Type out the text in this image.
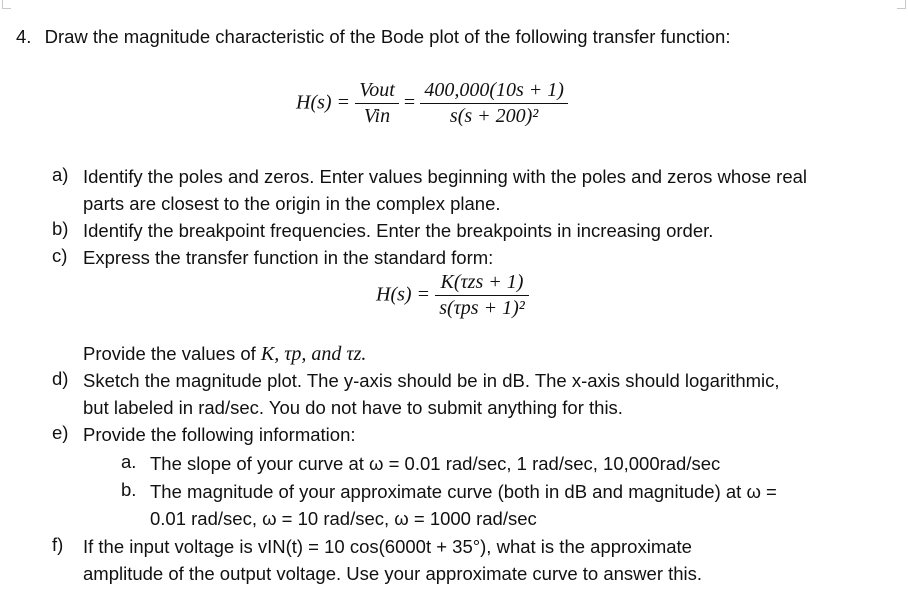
4. Draw the magnitude characteristic of the Bode plot of the following transfer function:
$H(s) = \frac{\text{Vout}}{\text{Vin}} = \frac{400,000(10s + 1)}{\text{s(s + 200)²}}$
a) Identify the poles and zeros. Enter values beginning with the poles and zeros whose real
parts are closest to the origin in the complex plane.
b) Identify the breakpoint frequencies. Enter the breakpoints in increasing order.
c) Express the transfer function in the standard form:
$H(s) = \frac{\text{K(τzs + 1)}}{\text{s(τps + 1)²}}$
Provide the values of K, τp, and τz.
d) Sketch the magnitude plot. The y-axis should be in dB. The x-axis should logarithmic,
but labeled in rad/sec. You do not have to submit anything for this.
e) Provide the following information:
a. The slope of your curve at ω = 0.01 rad/sec, 1 rad/sec, 10,000rad/sec
b. The magnitude of your approximate curve (both in dB and magnitude) at ω =
0.01 rad/sec, ω = 10 rad/sec, ω = 1000 rad/sec
f) If the input voltage is vIN(t) = 10 cos(6000t + 35°), what is the approximate
amplitude of the output voltage. Use your approximate curve to answer this.
